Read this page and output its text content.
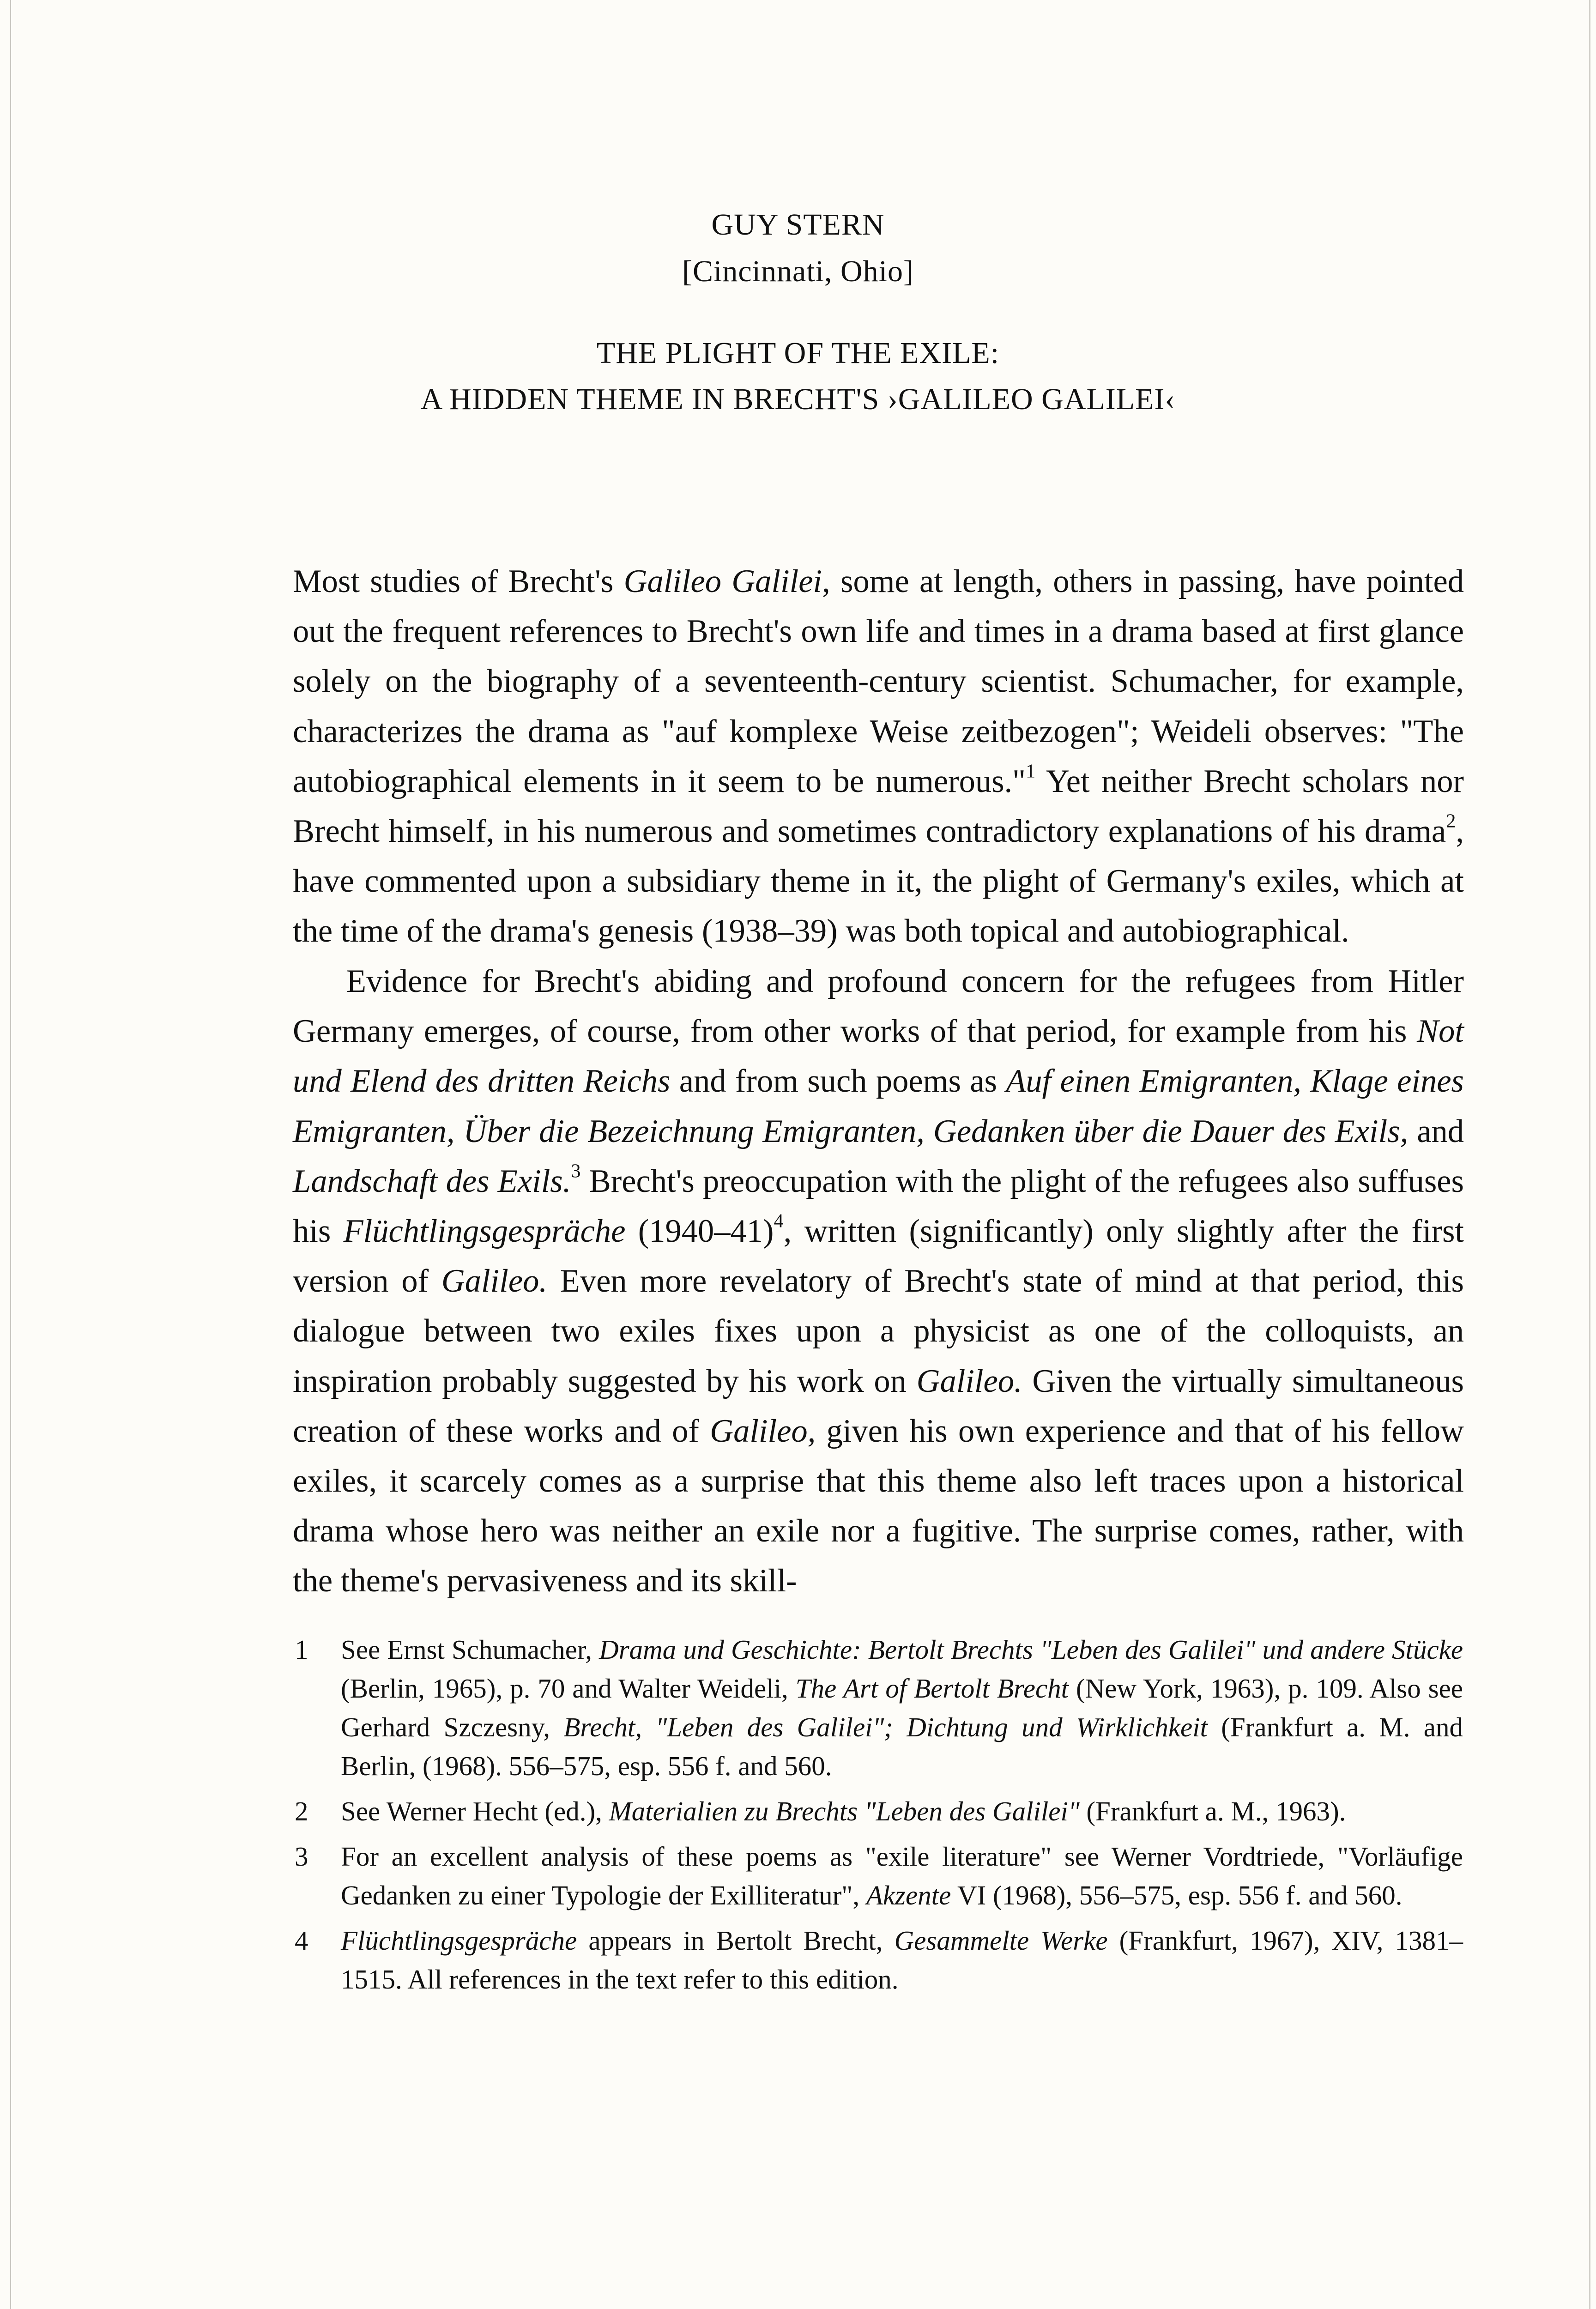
GUY STERN
[Cincinnati, Ohio]
THE PLIGHT OF THE EXILE:
A HIDDEN THEME IN BRECHT'S ›GALILEO GALILEI‹

Most studies of Brecht's Galileo Galilei, some at length, others in passing, have pointed out the frequent references to Brecht's own life and times in a drama based at first glance solely on the biography of a seventeenth-century scientist. Schumacher, for example, characterizes the drama as "auf komplexe Weise zeitbezogen"; Weideli observes: "The autobiographical elements in it seem to be numerous."$^1$ Yet neither Brecht scholars nor Brecht himself, in his numerous and sometimes contradictory explanations of his drama$^2$, have commented upon a subsidiary theme in it, the plight of Germany's exiles, which at the time of the drama's genesis (1938–39) was both topical and autobiographical.

Evidence for Brecht's abiding and profound concern for the refugees from Hitler Germany emerges, of course, from other works of that period, for example from his Not und Elend des dritten Reichs and from such poems as Auf einen Emigranten, Klage eines Emigranten, Über die Bezeichnung Emigranten, Gedanken über die Dauer des Exils, and Landschaft des Exils.$^3$ Brecht's preoccupation with the plight of the refugees also suffuses his Flüchtlingsgespräche (1940–41)$^4$, written (significantly) only slightly after the first version of Galileo. Even more revelatory of Brecht's state of mind at that period, this dialogue between two exiles fixes upon a physicist as one of the colloquists, an inspiration probably suggested by his work on Galileo. Given the virtually simultaneous creation of these works and of Galileo, given his own experience and that of his fellow exiles, it scarcely comes as a surprise that this theme also left traces upon a historical drama whose hero was neither an exile nor a fugitive. The surprise comes, rather, with the theme's pervasiveness and its skill-

1	See Ernst Schumacher, Drama und Geschichte: Bertolt Brechts "Leben des Galilei" und andere Stücke (Berlin, 1965), p. 70 and Walter Weideli, The Art of Bertolt Brecht (New York, 1963), p. 109. Also see Gerhard Szczesny, Brecht, "Leben des Galilei"; Dichtung und Wirklichkeit (Frankfurt a. M. and Berlin, (1968). 556–575, esp. 556 f. and 560.
2	See Werner Hecht (ed.), Materialien zu Brechts "Leben des Galilei" (Frankfurt a. M., 1963).
3	For an excellent analysis of these poems as "exile literature" see Werner Vordtriede, "Vorläufige Gedanken zu einer Typologie der Exilliteratur", Akzente VI (1968), 556–575, esp. 556 f. and 560.
4	Flüchtlingsgespräche appears in Bertolt Brecht, Gesammelte Werke (Frankfurt, 1967), XIV, 1381–1515. All references in the text refer to this edition.
